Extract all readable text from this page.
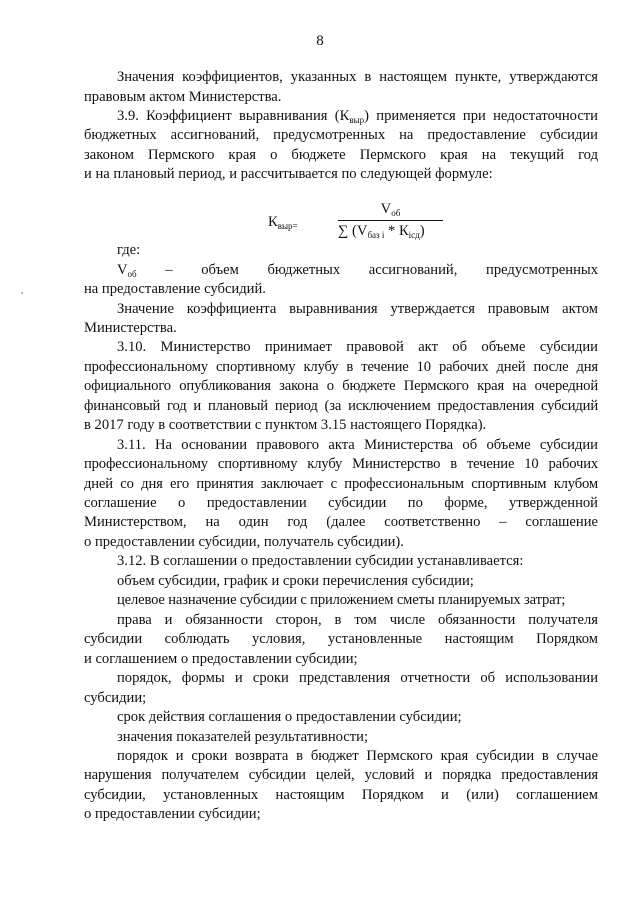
8
Значения коэффициентов, указанных в настоящем пункте, утверждаются
правовым актом Министерства.
3.9. Коэффициент выравнивания $(К_{выр})$ применяется при недостаточности
бюджетных ассигнований, предусмотренных на предоставление субсидии
законом Пермского края о бюджете Пермского края на текущий год
и на плановый период, и рассчитывается по следующей формуле:
$К_{выр=}$
$V_{об}$
∑ $(V_{баз i} * К_{iсд})$
где:
$V_{об}$ – объем бюджетных ассигнований, предусмотренных
на предоставление субсидий.
Значение коэффициента выравнивания утверждается правовым актом
Министерства.
3.10. Министерство принимает правовой акт об объеме субсидии
профессиональному спортивному клубу в течение 10 рабочих дней после дня
официального опубликования закона о бюджете Пермского края на очередной
финансовый год и плановый период (за исключением предоставления субсидий
в 2017 году в соответствии с пунктом 3.15 настоящего Порядка).
3.11. На основании правового акта Министерства об объеме субсидии
профессиональному спортивному клубу Министерство в течение 10 рабочих
дней со дня его принятия заключает с профессиональным спортивным клубом
соглашение о предоставлении субсидии по форме, утвержденной
Министерством, на один год (далее соответственно – соглашение
о предоставлении субсидии, получатель субсидии).
3.12. В соглашении о предоставлении субсидии устанавливается:
объем субсидии, график и сроки перечисления субсидии;
целевое назначение субсидии с приложением сметы планируемых затрат;
права и обязанности сторон, в том числе обязанности получателя
субсидии соблюдать условия, установленные настоящим Порядком
и соглашением о предоставлении субсидии;
порядок, формы и сроки представления отчетности об использовании
субсидии;
срок действия соглашения о предоставлении субсидии;
значения показателей результативности;
порядок и сроки возврата в бюджет Пермского края субсидии в случае
нарушения получателем субсидии целей, условий и порядка предоставления
субсидии, установленных настоящим Порядком и (или) соглашением
о предоставлении субсидии;
